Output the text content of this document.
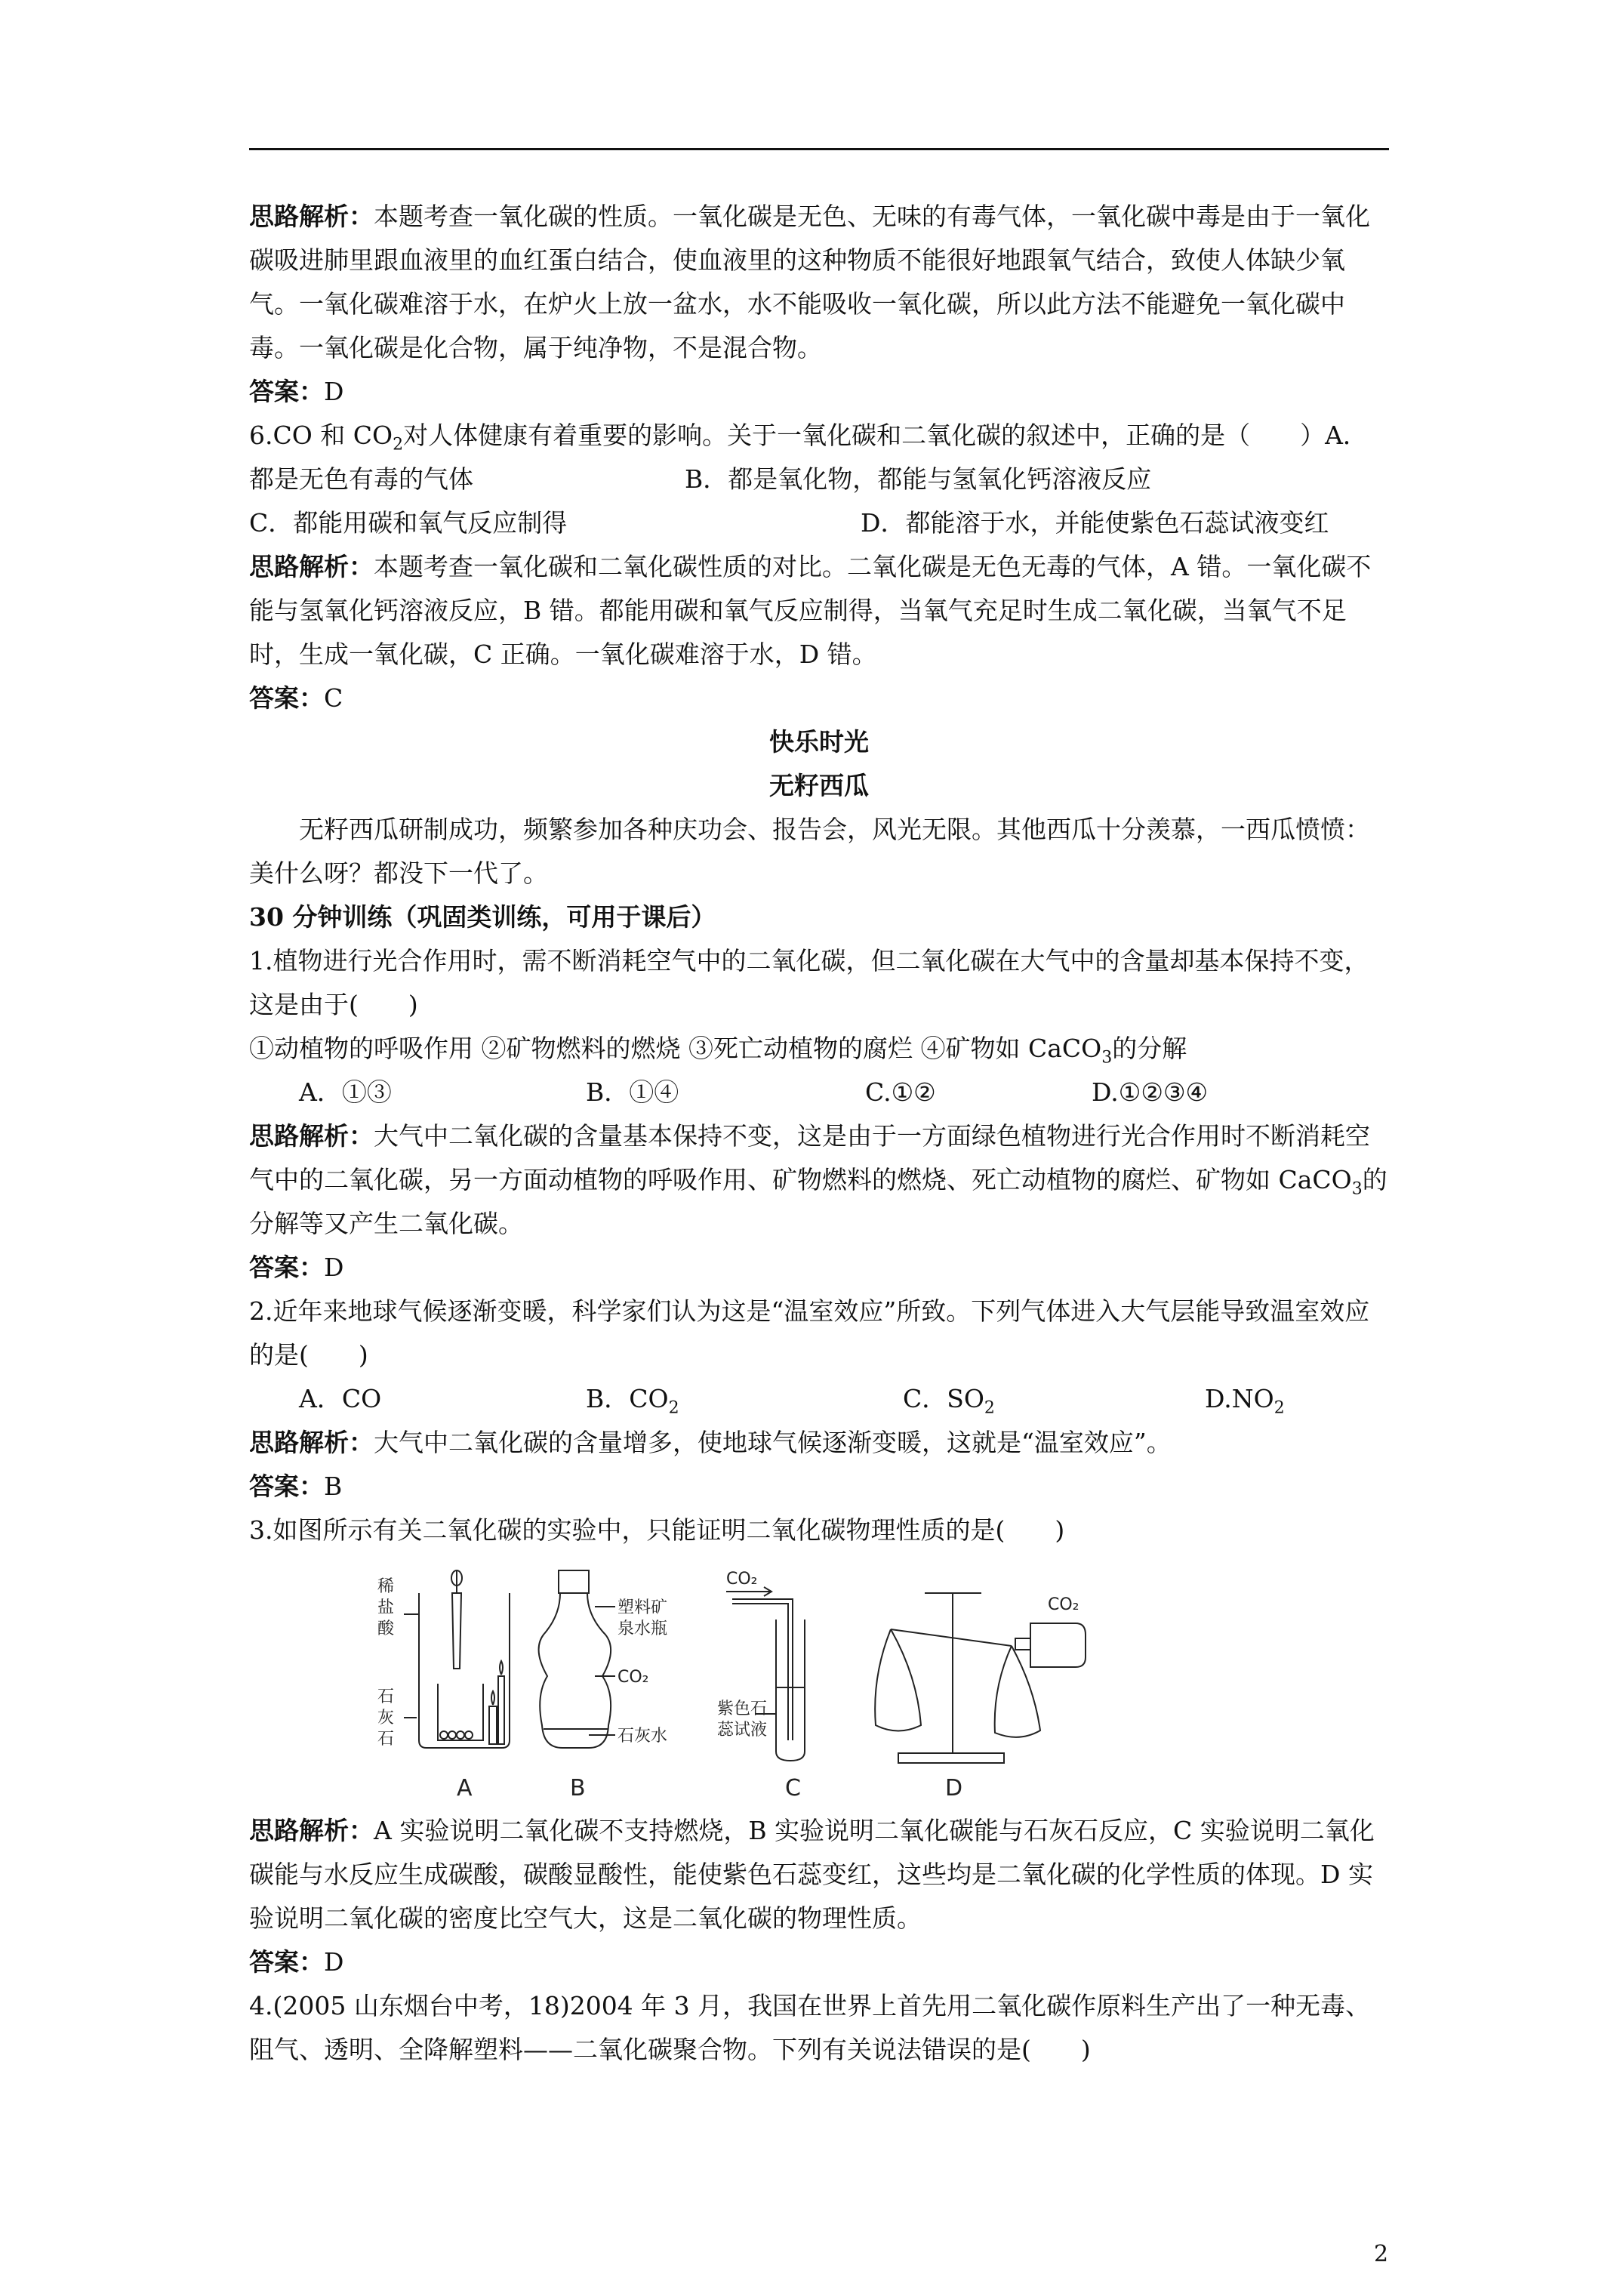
思路解析：本题考查一氧化碳的性质。一氧化碳是无色、无味的有毒气体，一氧化碳中毒是由于一氧化碳吸进肺里跟血液里的血红蛋白结合，使血液里的这种物质不能很好地跟氧气结合，致使人体缺少氧气。一氧化碳难溶于水，在炉火上放一盆水，水不能吸收一氧化碳，所以此方法不能避免一氧化碳中毒。一氧化碳是化合物，属于纯净物，不是混合物。

答案：D

6.CO 和 $CO_2$对人体健康有着重要的影响。关于一氧化碳和二氧化碳的叙述中，正确的是（　　）A．都是无色有毒的气体	B．都是氧化物，都能与氢氧化钙溶液反应

C．都能用碳和氧气反应制得	D．都能溶于水，并能使紫色石蕊试液变红

思路解析：本题考查一氧化碳和二氧化碳性质的对比。二氧化碳是无色无毒的气体，A 错。一氧化碳不能与氢氧化钙溶液反应，B 错。都能用碳和氧气反应制得，当氧气充足时生成二氧化碳，当氧气不足时，生成一氧化碳，C 正确。一氧化碳难溶于水，D 错。

答案：C

快乐时光

无籽西瓜

无籽西瓜研制成功，频繁参加各种庆功会、报告会，风光无限。其他西瓜十分羡慕，一西瓜愤愤：美什么呀？都没下一代了。

30 分钟训练（巩固类训练，可用于课后）

1.植物进行光合作用时，需不断消耗空气中的二氧化碳，但二氧化碳在大气中的含量却基本保持不变，这是由于(　　)

①动植物的呼吸作用 ②矿物燃料的燃烧 ③死亡动植物的腐烂 ④矿物如 CaCO$_3$的分解

A．①③	B．①④	C.①②	D.①②③④

思路解析：大气中二氧化碳的含量基本保持不变，这是由于一方面绿色植物进行光合作用时不断消耗空气中的二氧化碳，另一方面动植物的呼吸作用、矿物燃料的燃烧、死亡动植物的腐烂、矿物如 CaCO$_3$的分解等又产生二氧化碳。

答案：D

2.近年来地球气候逐渐变暖，科学家们认为这是“温室效应”所致。下列气体进入大气层能导致温室效应的是(　　)

A．CO	B．$CO_2$	C．$SO_2$	$D.NO_2$

思路解析：大气中二氧化碳的含量增多，使地球气候逐渐变暖，这就是“温室效应”。

答案：B

3.如图所示有关二氧化碳的实验中，只能证明二氧化碳物理性质的是(　　)

稀
盐
酸
石
灰
石
A
塑料矿
泉水瓶
CO₂
石灰水
B
CO₂
紫色石
蕊试液
C
CO₂
D

思路解析：A 实验说明二氧化碳不支持燃烧，B 实验说明二氧化碳能与石灰石反应，C 实验说明二氧化碳能与水反应生成碳酸，碳酸显酸性，能使紫色石蕊变红，这些均是二氧化碳的化学性质的体现。D 实验说明二氧化碳的密度比空气大，这是二氧化碳的物理性质。

答案：D

4.(2005 山东烟台中考，18)2004 年 3 月，我国在世界上首先用二氧化碳作原料生产出了一种无毒、阻气、透明、全降解塑料——二氧化碳聚合物。下列有关说法错误的是(　　)

2
